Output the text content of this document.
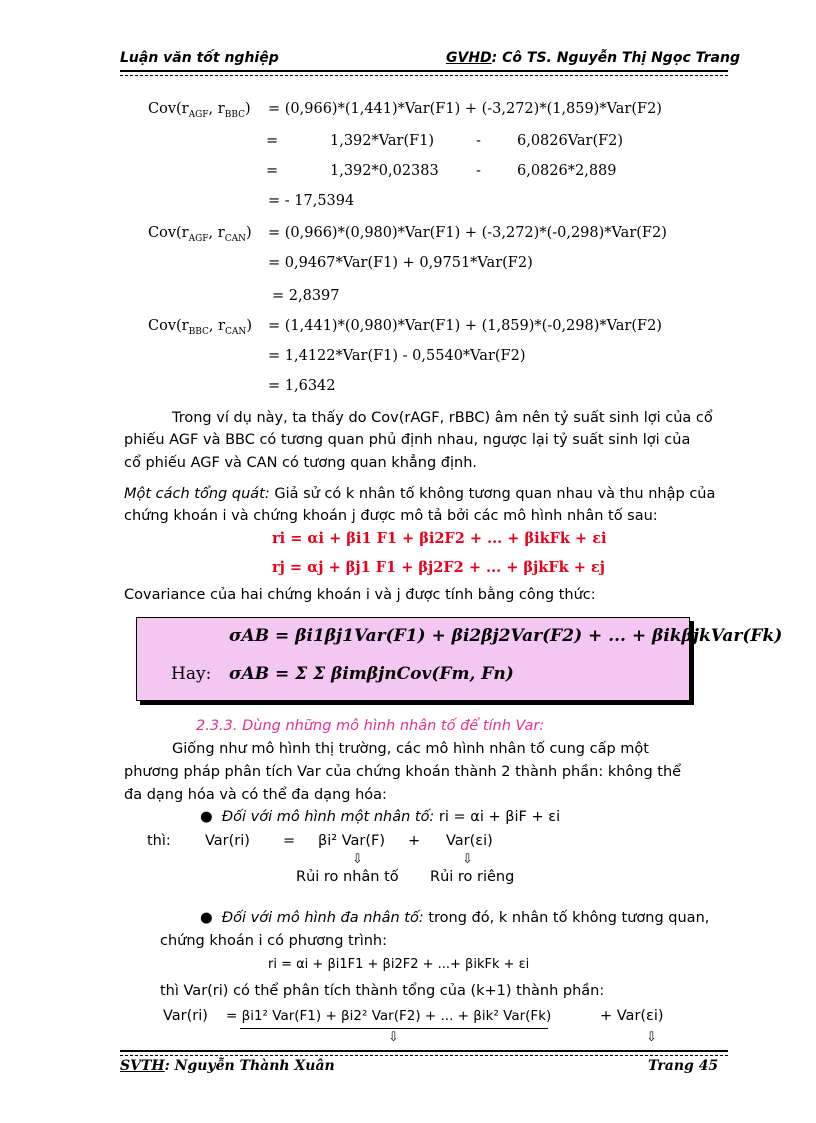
Luận văn tốt nghiệp	GVHD: Cô TS. Nguyễn Thị Ngọc Trang
$Cov(r_{AGF}$, $r_{BBC}) = (0,966)*(1,441)*Var(F1) + (-3,272)*(1,859)*Var(F2)$
=	1,392*Var(F1)	- 6,0826Var(F2)
=	1,392*0,02383	- 6,0826*2,889
= - 17,5394
$Cov(r_{AGF}$, $r_{CAN}) = (0,966)*(0,980)*Var(F1) + (-3,272)*(-0,298)*Var(F2)$
= 0,9467*Var(F1) + 0,9751*Var(F2)
= 2,8397
$Cov(r_{BBC}$, $r_{CAN}) = (1,441)*(0,980)*Var(F1) + (1,859)*(-0,298)*Var(F2)$
= 1,4122*Var(F1) - 0,5540*Var(F2)
= 1,6342
Trong ví dụ này, ta thấy do Cov(rAGF, rBBC) âm nên tỷ suất sinh lợi của cổ
phiếu AGF và BBC có tương quan phủ định nhau, ngược lại tỷ suất sinh lợi của
cổ phiếu AGF và CAN có tương quan khẳng định.
Một cách tổng quát: Giả sử có k nhân tố không tương quan nhau và thu nhập của
chứng khoán i và chứng khoán j được mô tả bởi các mô hình nhân tố sau:
ri = αi + βi1 F1 + βi2F2 + ... + βikFk + εi
rj = αj + βj1 F1 + βj2F2 + ... + βjkFk + εj
Covariance của hai chứng khoán i và j được tính bằng công thức:
σAB = βi1βj1Var(F1) + βi2βj2Var(F2) + ... + βikβjkVar(Fk)
Hay: σAB = Σ Σ βimβjnCov(Fm, Fn)
2.3.3. Dùng những mô hình nhân tố để tính Var:
Giống như mô hình thị trường, các mô hình nhân tố cung cấp một
phương pháp phân tích Var của chứng khoán thành 2 thành phần: không thể
đa dạng hóa và có thể đa dạng hóa:
●  Đối với mô hình một nhân tố: ri = αi + βiF + εi
thì: Var(ri) = βi² Var(F) + Var(εi)
⇩	⇩
Rủi ro nhân tố Rủi ro riêng
●  Đối với mô hình đa nhân tố: trong đó, k nhân tố không tương quan,
chứng khoán i có phương trình:
ri = αi + βi1F1 + βi2F2 + ...+ βikFk + εi
thì Var(ri) có thể phân tích thành tổng của (k+1) thành phần:
Var(ri) = βi1² Var(F1) + βi2² Var(F2) + ... + βik² Var(Fk)	+ Var(εi)
⇩	⇩
SVTH: Nguyễn Thành Xuân	Trang 45
